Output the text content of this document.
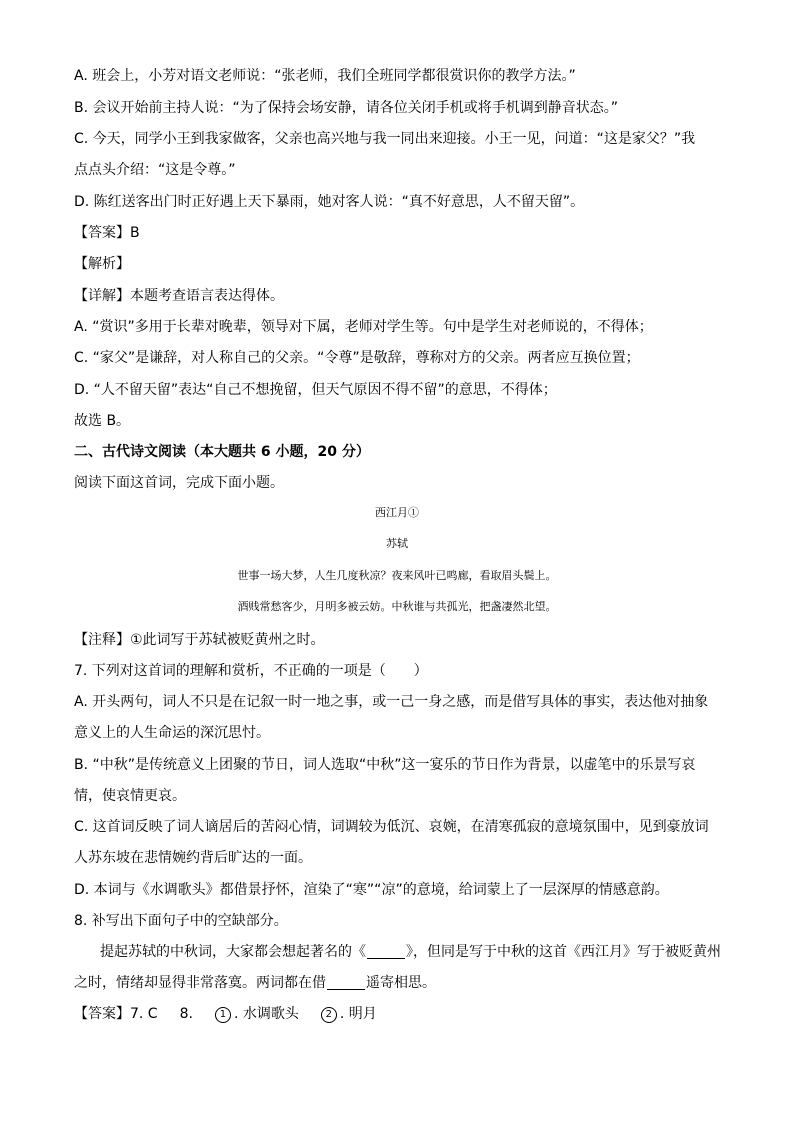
A. 班会上，小芳对语文老师说：“张老师，我们全班同学都很赏识你的教学方法。”
B. 会议开始前主持人说：“为了保持会场安静，请各位关闭手机或将手机调到静音状态。”
C. 今天，同学小王到我家做客，父亲也高兴地与我一同出来迎接。小王一见，问道：“这是家父？”我
点点头介绍：“这是令尊。”
D. 陈红送客出门时正好遇上天下暴雨，她对客人说：“真不好意思，人不留天留”。
【答案】B
【解析】
【详解】本题考查语言表达得体。
A. “赏识”多用于长辈对晚辈，领导对下属，老师对学生等。句中是学生对老师说的，不得体；
C. “家父”是谦辞，对人称自己的父亲。“令尊”是敬辞，尊称对方的父亲。两者应互换位置；
D. “人不留天留”表达“自己不想挽留，但天气原因不得不留”的意思，不得体；
故选 B。
二、古代诗文阅读（本大题共 6 小题，20 分）
阅读下面这首词，完成下面小题。
西江月①
苏轼
世事一场大梦，人生几度秋凉？夜来风叶已鸣廊，看取眉头鬓上。
酒贱常愁客少，月明多被云妨。中秋谁与共孤光，把盏凄然北望。
【注释】①此词写于苏轼被贬黄州之时。
7. 下列对这首词的理解和赏析，不正确的一项是（　　）
A. 开头两句，词人不只是在记叙一时一地之事，或一己一身之感，而是借写具体的事实，表达他对抽象
意义上的人生命运的深沉思忖。
B. “中秋”是传统意义上团聚的节日，词人选取“中秋”这一宴乐的节日作为背景，以虚笔中的乐景写哀
情，使哀情更哀。
C. 这首词反映了词人谪居后的苦闷心情，词调较为低沉、哀婉，在清寒孤寂的意境氛围中，见到豪放词
人苏东坡在悲情婉约背后旷达的一面。
D. 本词与《水调歌头》都借景抒怀，渲染了“寒”“凉”的意境，给词蒙上了一层深厚的情感意韵。
8. 补写出下面句子中的空缺部分。
提起苏轼的中秋词，大家都会想起著名的《	》，但同是写于中秋的这首《西江月》写于被贬黄州
之时，情绪却显得非常落寞。两词都在借	遥寄相思。
【答案】7. C 8.	1 . 水调歌头	2 . 明月
